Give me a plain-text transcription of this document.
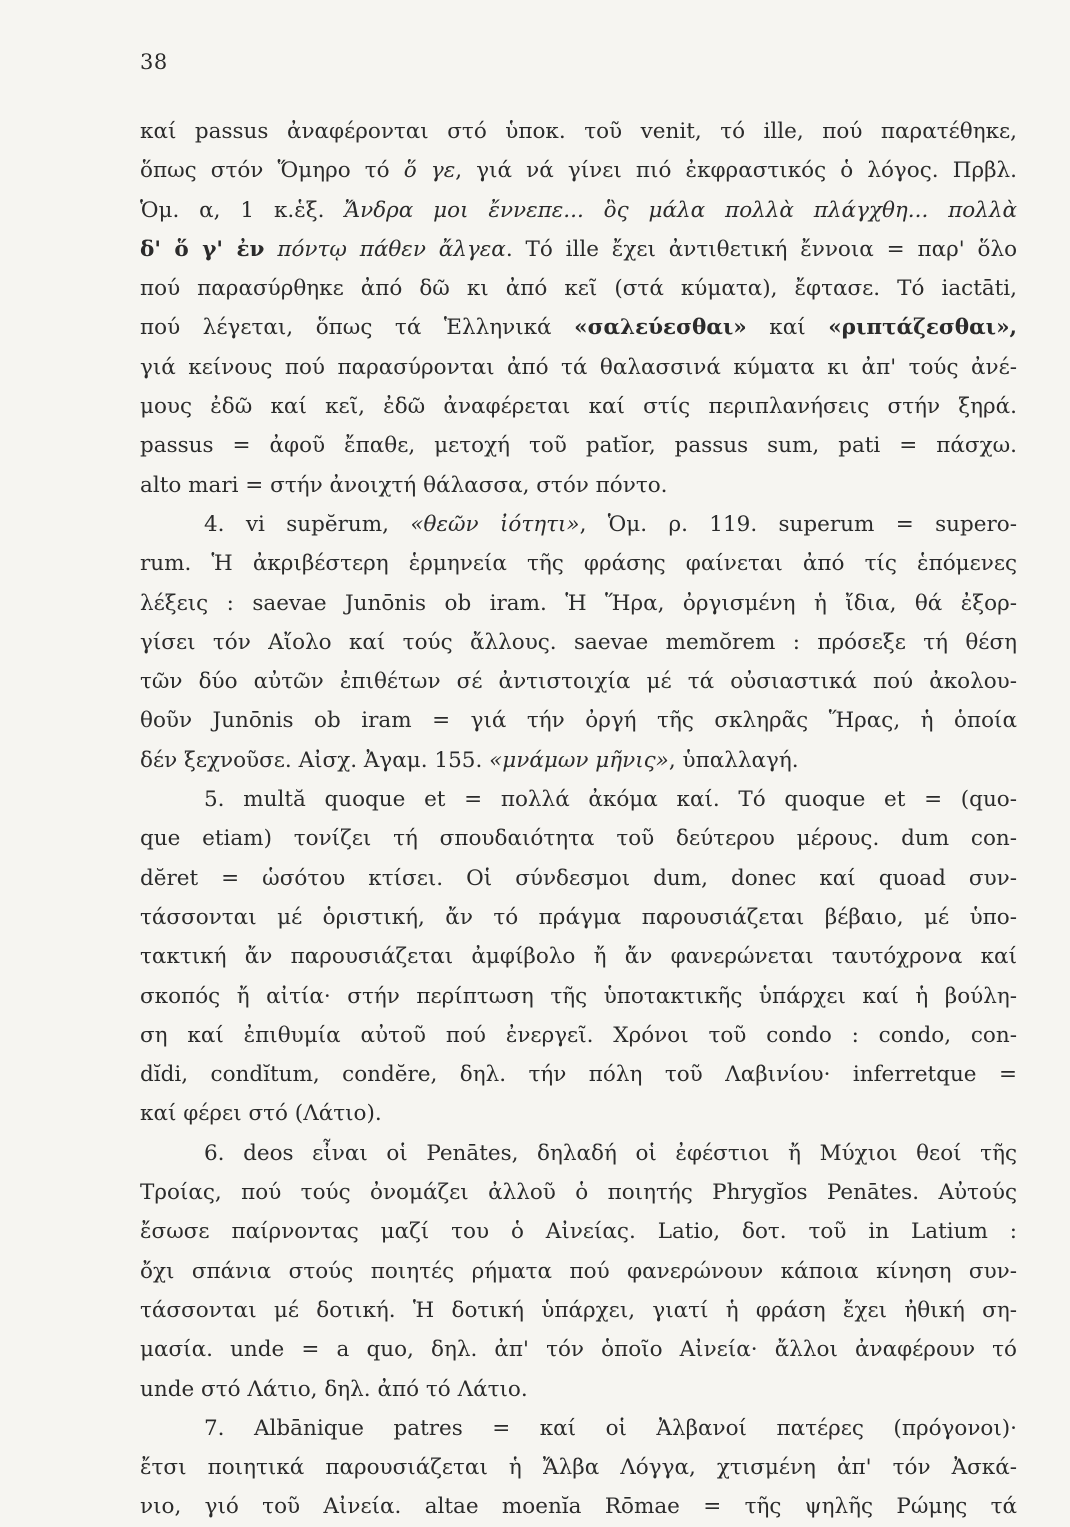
38
καί passus ἀναφέρονται στό ὑποκ. τοῦ venit, τό ille, πού παρατέθηκε,
ὅπως στόν Ὅμηρο τό ὅ γε, γιά νά γίνει πιό ἐκφραστικός ὁ λόγος. Πρβλ.
Ὁμ. α, 1 κ.ἑξ. Ἄνδρα μοι ἔννεπε... ὃς μάλα πολλὰ πλάγχθη... πολλὰ
δ' ὅ γ' ἐν πόντῳ πάθεν ἄλγεα. Τό ille ἔχει ἀντιθετική ἔννοια = παρ' ὅλο
πού παρασύρθηκε ἀπό δῶ κι ἀπό κεῖ (στά κύματα), ἔφτασε. Τό iactāti,
πού λέγεται, ὅπως τά Ἑλληνικά «σαλεύεσθαι» καί «ριπτάζεσθαι»,
γιά κείνους πού παρασύρονται ἀπό τά θαλασσινά κύματα κι ἀπ' τούς ἀνέ-
μους ἐδῶ καί κεῖ, ἐδῶ ἀναφέρεται καί στίς περιπλανήσεις στήν ξηρά.
passus = ἀφοῦ ἔπαθε, μετοχή τοῦ patĭor, passus sum, pati = πάσχω.
alto mari = στήν ἀνοιχτή θάλασσα, στόν πόντο.
4. vi supĕrum, «θεῶν ἰότητι», Ὁμ. ρ. 119. superum = supero-
rum. Ἡ ἀκριβέστερη ἑρμηνεία τῆς φράσης φαίνεται ἀπό τίς ἑπόμενες
λέξεις : saevae Junōnis ob iram. Ἡ Ἥρα, ὀργισμένη ἡ ἴδια, θά ἐξορ-
γίσει τόν Αἴολο καί τούς ἄλλους. saevae memŏrem : πρόσεξε τή θέση
τῶν δύο αὐτῶν ἐπιθέτων σέ ἀντιστοιχία μέ τά οὐσιαστικά πού ἀκολου-
θοῦν Junōnis ob iram = γιά τήν ὀργή τῆς σκληρᾶς Ἥρας, ἡ ὁποία
δέν ξεχνοῦσε. Αἰσχ. Ἀγαμ. 155. «μνάμων μῆνις», ὑπαλλαγή.
5. multă quoque et = πολλά ἀκόμα καί. Τό quoque et = (quo-
que etiam) τονίζει τή σπουδαιότητα τοῦ δεύτερου μέρους. dum con-
dĕret = ὡσότου κτίσει. Οἱ σύνδεσμοι dum, donec καί quoad συν-
τάσσονται μέ ὁριστική, ἄν τό πράγμα παρουσιάζεται βέβαιο, μέ ὑπο-
τακτική ἄν παρουσιάζεται ἀμφίβολο ἤ ἄν φανερώνεται ταυτόχρονα καί
σκοπός ἤ αἰτία· στήν περίπτωση τῆς ὑποτακτικῆς ὑπάρχει καί ἡ βούλη-
ση καί ἐπιθυμία αὐτοῦ πού ἐνεργεῖ. Χρόνοι τοῦ condo : condo, con-
dĭdi, condĭtum, condĕre, δηλ. τήν πόλη τοῦ Λαβινίου· inferretque =
καί φέρει στό (Λάτιο).
6. deos εἶναι οἱ Penātes, δηλαδή οἱ ἐφέστιοι ἤ Μύχιοι θεοί τῆς
Τροίας, πού τούς ὀνομάζει ἀλλοῦ ὁ ποιητής Phrygĭos Penātes. Αὐτούς
ἔσωσε παίρνοντας μαζί του ὁ Αἰνείας. Latio, δοτ. τοῦ in Latium :
ὄχι σπάνια στούς ποιητές ρήματα πού φανερώνουν κάποια κίνηση συν-
τάσσονται μέ δοτική. Ἡ δοτική ὑπάρχει, γιατί ἡ φράση ἔχει ἠθική ση-
μασία. unde = a quo, δηλ. ἀπ' τόν ὁποῖο Αἰνεία· ἄλλοι ἀναφέρουν τό
unde στό Λάτιο, δηλ. ἀπό τό Λάτιο.
7. Albānique patres = καί οἱ Ἀλβανοί πατέρες (πρόγονοι)·
ἔτσι ποιητικά παρουσιάζεται ἡ Ἄλβα Λόγγα, χτισμένη ἀπ' τόν Ἀσκά-
νιο, γιό τοῦ Αἰνεία. altae moenĭa Rōmae = τῆς ψηλῆς Ρώμης τά
